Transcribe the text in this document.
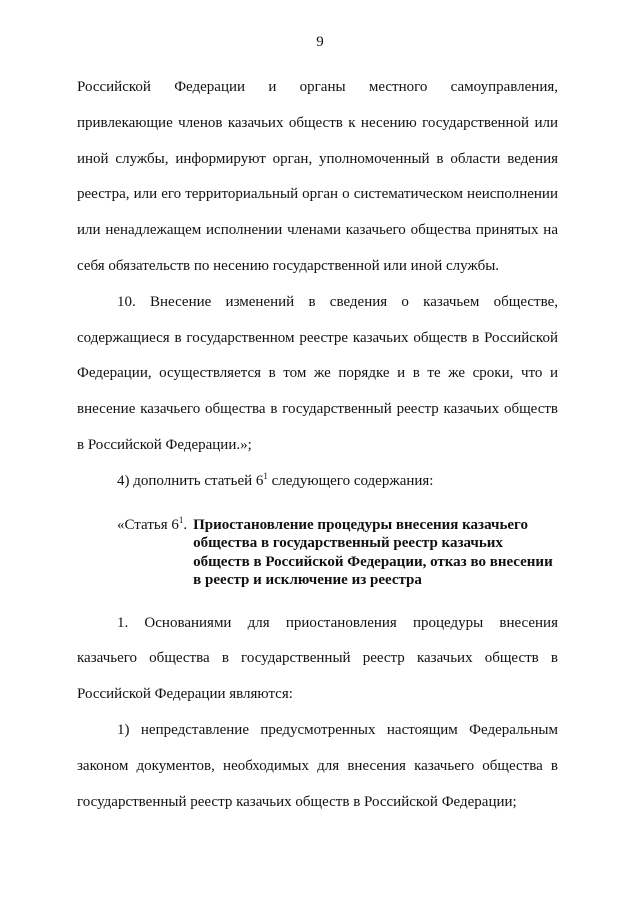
9

Российской Федерации и органы местного самоуправления, привлекающие членов казачьих обществ к несению государственной или иной службы, информируют орган, уполномоченный в области ведения реестра, или его территориальный орган о систематическом неисполнении или ненадлежащем исполнении членами казачьего общества принятых на себя обязательств по несению государственной или иной службы.

10. Внесение изменений в сведения о казачьем обществе, содержащиеся в государственном реестре казачьих обществ в Российской Федерации, осуществляется в том же порядке и в те же сроки, что и внесение казачьего общества в государственный реестр казачьих обществ в Российской Федерации.»;

4) дополнить статьей $6^1$ следующего содержания:

«Статья $6^1$. Приостановление процедуры внесения казачьего общества в государственный реестр казачьих обществ в Российской Федерации, отказ во внесении в реестр и исключение из реестра

1. Основаниями для приостановления процедуры внесения казачьего общества в государственный реестр казачьих обществ в Российской Федерации являются:

1) непредставление предусмотренных настоящим Федеральным законом документов, необходимых для внесения казачьего общества в государственный реестр казачьих обществ в Российской Федерации;
